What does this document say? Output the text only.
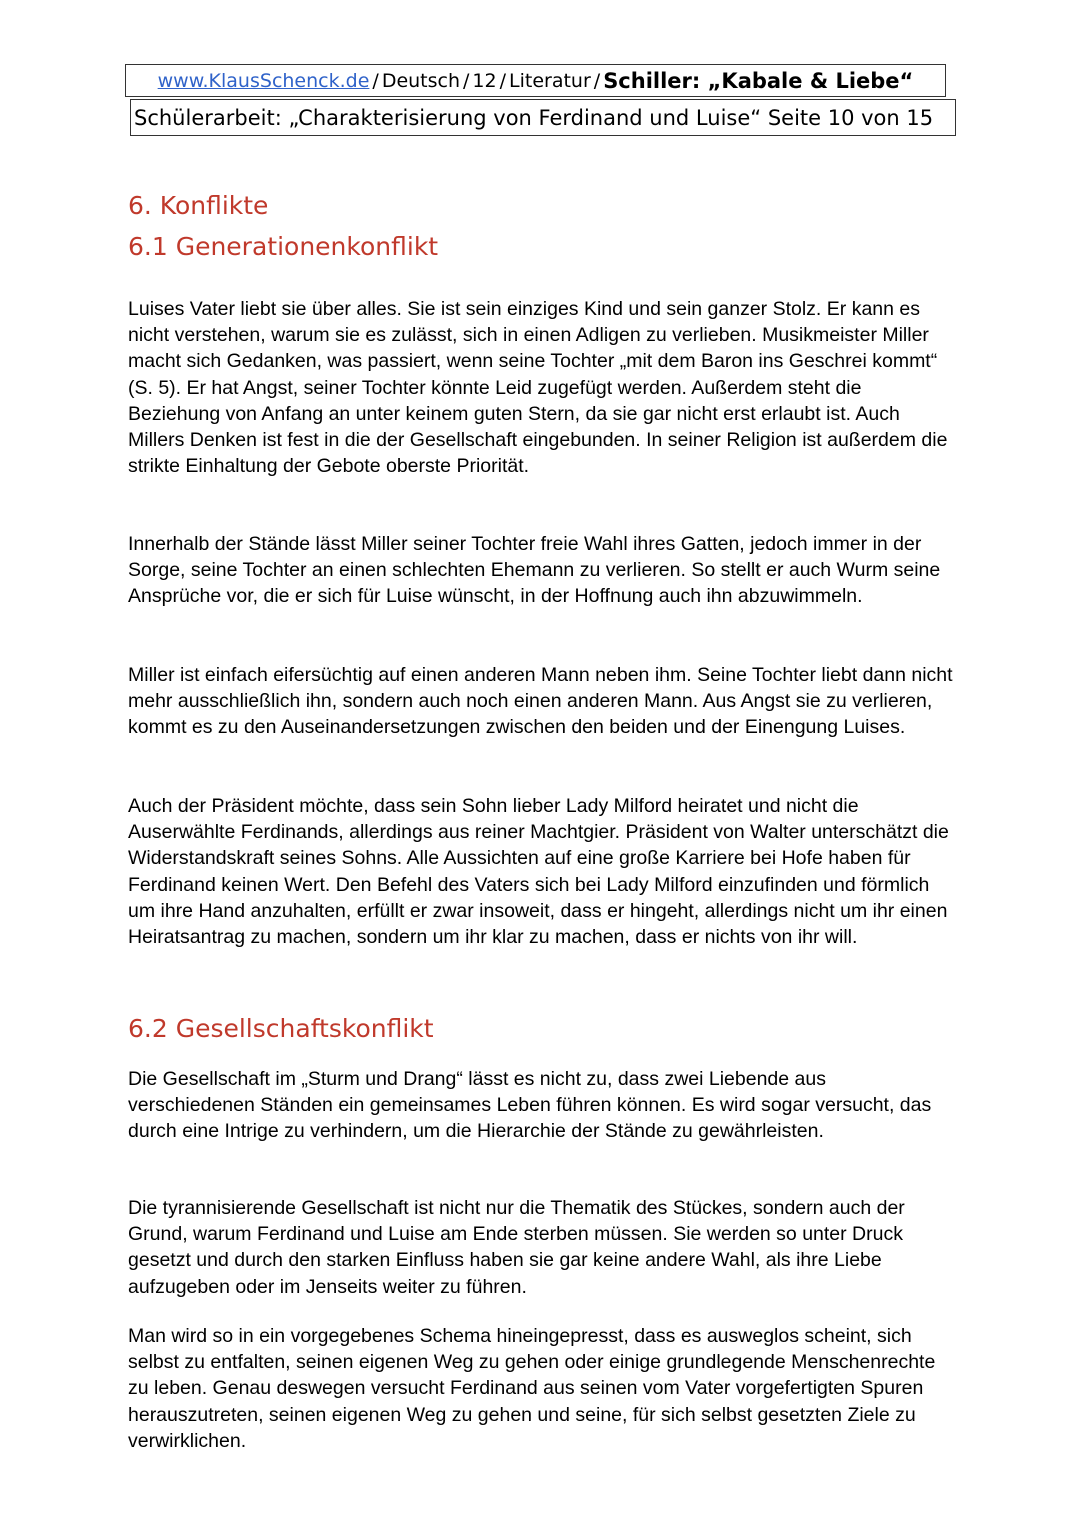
www.KlausSchenck.de / Deutsch / 12 / Literatur / Schiller: „Kabale & Liebe“
Schülerarbeit: „Charakterisierung von Ferdinand und Luise“ Seite 10 von 15
6. Konflikte
6.1 Generationenkonflikt

Luises Vater liebt sie über alles. Sie ist sein einziges Kind und sein ganzer Stolz. Er kann es nicht verstehen, warum sie es zulässt, sich in einen Adligen zu verlieben. Musikmeister Miller macht sich Gedanken, was passiert, wenn seine Tochter „mit dem Baron ins Geschrei kommt“ (S. 5). Er hat Angst, seiner Tochter könnte Leid zugefügt werden. Außerdem steht die Beziehung von Anfang an unter keinem guten Stern, da sie gar nicht erst erlaubt ist. Auch Millers Denken ist fest in die der Gesellschaft eingebunden. In seiner Religion ist außerdem die strikte Einhaltung der Gebote oberste Priorität.

Innerhalb der Stände lässt Miller seiner Tochter freie Wahl ihres Gatten, jedoch immer in der Sorge, seine Tochter an einen schlechten Ehemann zu verlieren. So stellt er auch Wurm seine Ansprüche vor, die er sich für Luise wünscht, in der Hoffnung auch ihn abzuwimmeln.

Miller ist einfach eifersüchtig auf einen anderen Mann neben ihm. Seine Tochter liebt dann nicht mehr ausschließlich ihn, sondern auch noch einen anderen Mann. Aus Angst sie zu verlieren, kommt es zu den Auseinandersetzungen zwischen den beiden und der Einengung Luises.

Auch der Präsident möchte, dass sein Sohn lieber Lady Milford heiratet und nicht die Auserwählte Ferdinands, allerdings aus reiner Machtgier. Präsident von Walter unterschätzt die Widerstandskraft seines Sohns. Alle Aussichten auf eine große Karriere bei Hofe haben für Ferdinand keinen Wert. Den Befehl des Vaters sich bei Lady Milford einzufinden und förmlich um ihre Hand anzuhalten, erfüllt er zwar insoweit, dass er hingeht, allerdings nicht um ihr einen Heiratsantrag zu machen, sondern um ihr klar zu machen, dass er nichts von ihr will.

6.2 Gesellschaftskonflikt

Die Gesellschaft im „Sturm und Drang“ lässt es nicht zu, dass zwei Liebende aus verschiedenen Ständen ein gemeinsames Leben führen können. Es wird sogar versucht, das durch eine Intrige zu verhindern, um die Hierarchie der Stände zu gewährleisten.

Die tyrannisierende Gesellschaft ist nicht nur die Thematik des Stückes, sondern auch der Grund, warum Ferdinand und Luise am Ende sterben müssen. Sie werden so unter Druck gesetzt und durch den starken Einfluss haben sie gar keine andere Wahl, als ihre Liebe aufzugeben oder im Jenseits weiter zu führen.

Man wird so in ein vorgegebenes Schema hineingepresst, dass es ausweglos scheint, sich selbst zu entfalten, seinen eigenen Weg zu gehen oder einige grundlegende Menschenrechte zu leben. Genau deswegen versucht Ferdinand aus seinen vom Vater vorgefertigten Spuren herauszutreten, seinen eigenen Weg zu gehen und seine, für sich selbst gesetzten Ziele zu verwirklichen.
